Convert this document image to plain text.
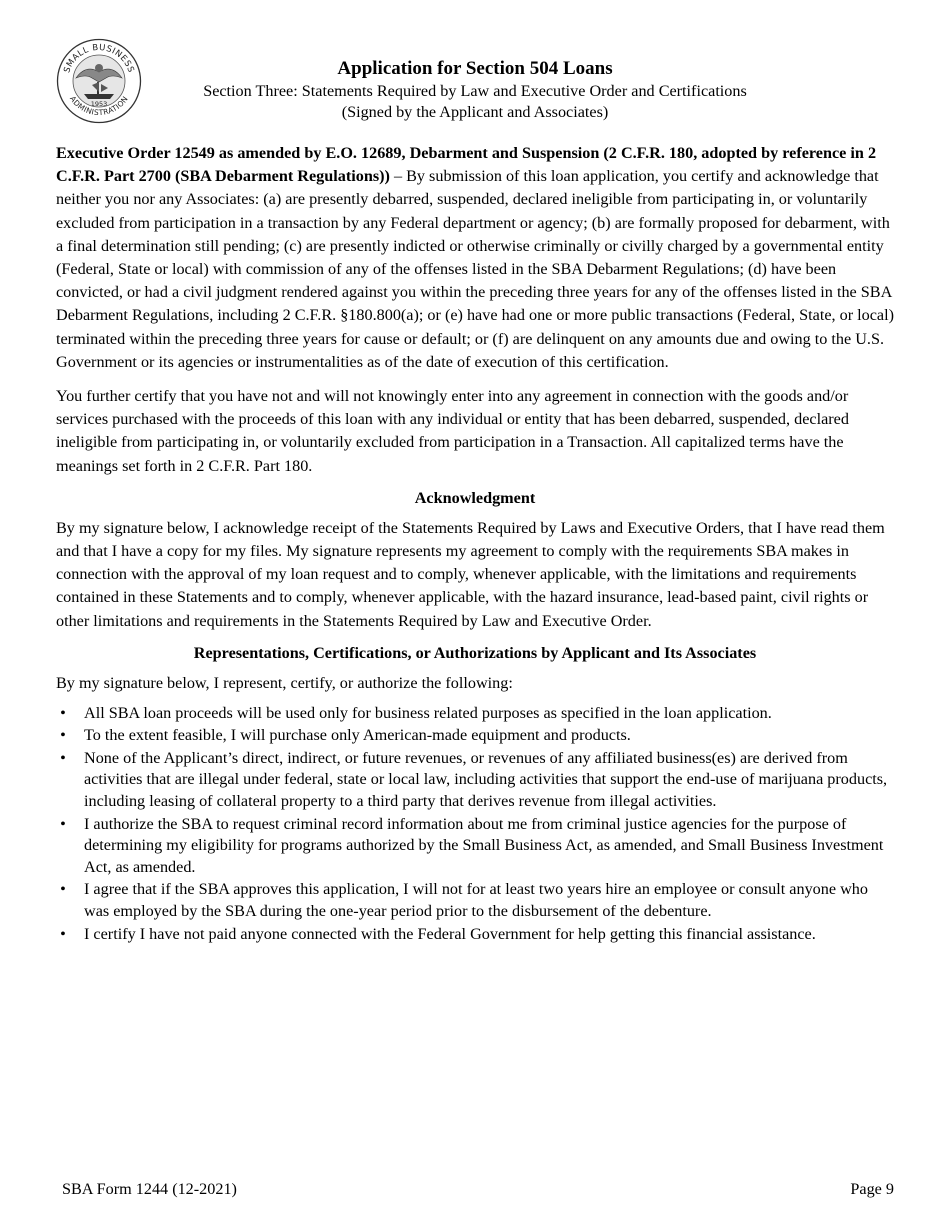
SMALL BUSINESS
ADMINISTRATION
1953
Application for Section 504 Loans
Section Three: Statements Required by Law and Executive Order and Certifications
(Signed by the Applicant and Associates)

Executive Order 12549 as amended by E.O. 12689, Debarment and Suspension (2 C.F.R. 180, adopted by reference in 2 C.F.R. Part 2700 (SBA Debarment Regulations)) – By submission of this loan application, you certify and acknowledge that neither you nor any Associates: (a) are presently debarred, suspended, declared ineligible from participating in, or voluntarily excluded from participation in a transaction by any Federal department or agency; (b) are formally proposed for debarment, with a final determination still pending; (c) are presently indicted or otherwise criminally or civilly charged by a governmental entity (Federal, State or local) with commission of any of the offenses listed in the SBA Debarment Regulations; (d) have been convicted, or had a civil judgment rendered against you within the preceding three years for any of the offenses listed in the SBA Debarment Regulations, including 2 C.F.R. §180.800(a); or (e) have had one or more public transactions (Federal, State, or local) terminated within the preceding three years for cause or default; or (f) are delinquent on any amounts due and owing to the U.S. Government or its agencies or instrumentalities as of the date of execution of this certification.

You further certify that you have not and will not knowingly enter into any agreement in connection with the goods and/or services purchased with the proceeds of this loan with any individual or entity that has been debarred, suspended, declared ineligible from participating in, or voluntarily excluded from participation in a Transaction. All capitalized terms have the meanings set forth in 2 C.F.R. Part 180.

Acknowledgment

By my signature below, I acknowledge receipt of the Statements Required by Laws and Executive Orders, that I have read them and that I have a copy for my files. My signature represents my agreement to comply with the requirements SBA makes in connection with the approval of my loan request and to comply, whenever applicable, with the limitations and requirements contained in these Statements and to comply, whenever applicable, with the hazard insurance, lead-based paint, civil rights or other limitations and requirements in the Statements Required by Law and Executive Order.

Representations, Certifications, or Authorizations by Applicant and Its Associates

By my signature below, I represent, certify, or authorize the following:

• All SBA loan proceeds will be used only for business related purposes as specified in the loan application.
• To the extent feasible, I will purchase only American-made equipment and products.
• None of the Applicant’s direct, indirect, or future revenues, or revenues of any affiliated business(es) are derived from activities that are illegal under federal, state or local law, including activities that support the end-use of marijuana products, including leasing of collateral property to a third party that derives revenue from illegal activities.
• I authorize the SBA to request criminal record information about me from criminal justice agencies for the purpose of determining my eligibility for programs authorized by the Small Business Act, as amended, and Small Business Investment Act, as amended.
• I agree that if the SBA approves this application, I will not for at least two years hire an employee or consult anyone who was employed by the SBA during the one-year period prior to the disbursement of the debenture.
• I certify I have not paid anyone connected with the Federal Government for help getting this financial assistance.
SBA Form 1244 (12-2021)	Page 9
